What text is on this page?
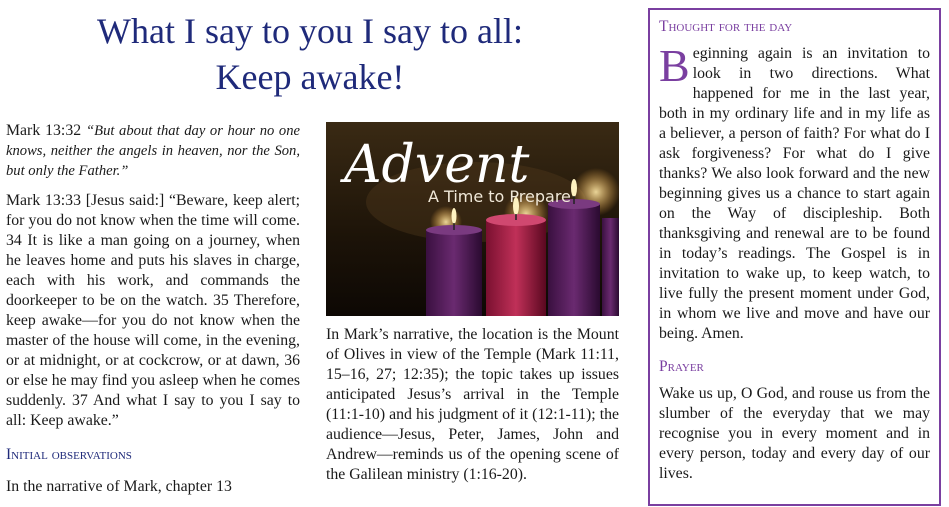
What I say to you I say to all:
Keep awake!

Mark 13:32 “But about that day or hour no one knows, neither the angels in heaven, nor the Son, but only the Father.”

Mark 13:33 [Jesus said:] “Beware, keep alert; for you do not know when the time will come. 34 It is like a man going on a journey, when he leaves home and puts his slaves in charge, each with his work, and commands the doorkeeper to be on the watch. 35 Therefore, keep awake—for you do not know when the master of the house will come, in the evening, or at midnight, or at cockcrow, or at dawn, 36 or else he may find you asleep when he comes suddenly. 37 And what I say to you I say to all: Keep awake.”

Initial observations

In the narrative of Mark, chapter 13

Advent
A Time to Prepare

In Mark’s narrative, the location is the Mount of Olives in view of the Temple (Mark 11:11, 15–16, 27; 12:35); the topic takes up issues anticipated Jesus’s arrival in the Temple (11:1-10) and his judgment of it (12:1-11); the audience—Jesus, Peter, James, John and Andrew—reminds us of the opening scene of the Galilean ministry (1:16-20).

Thought for the day

Beginning again is an invitation to look in two directions. What happened for me in the last year, both in my ordinary life and in my life as a believer, a person of faith? For what do I ask forgiveness? For what do I give thanks? We also look forward and the new beginning gives us a chance to start again on the Way of discipleship. Both thanksgiving and renewal are to be found in today’s readings. The Gospel is in invitation to wake up, to keep watch, to live fully the present moment under God, in whom we live and move and have our being. Amen.

Prayer

Wake us up, O God, and rouse us from the slumber of the everyday that we may recognise you in every moment and in every person, today and every day of our lives.
